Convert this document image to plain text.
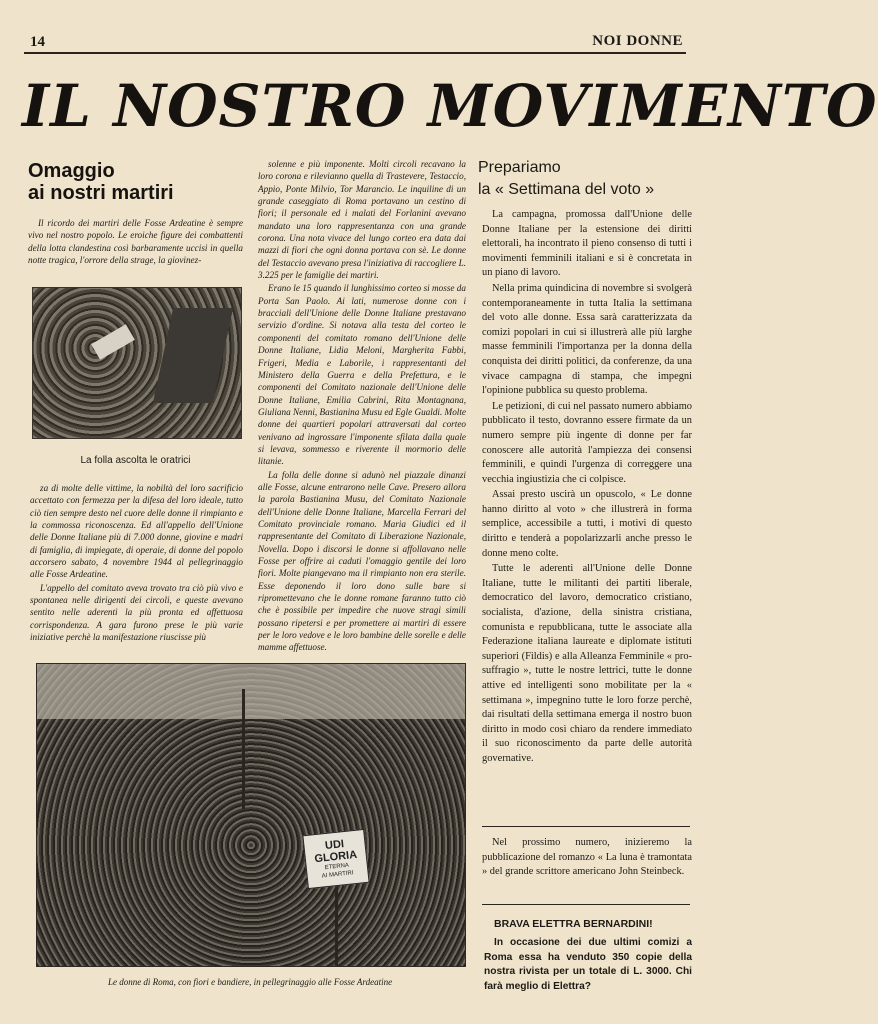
14	NOI DONNE
IL NOSTRO MOVIMENTO
Omaggio
ai nostri martiri
Il ricordo dei martiri delle Fosse Ardeatine è sempre vivo nel nostro popolo. Le eroiche figure dei combattenti della lotta clandestina così barbaramente uccisi in quella notte tragica, l'orrore della strage, la giovinez-
La folla ascolta le oratrici

za di molte delle vittime, la nobiltà del loro sacrificio accettato con fermezza per la difesa del loro ideale, tutto ciò tien sempre desto nel cuore delle donne il rimpianto e la commossa riconoscenza. Ed all'appello dell'Unione delle Donne Italiane più di 7.000 donne, giovine e madri di famiglia, di impiegate, di operaie, di donne del popolo accorsero sabato, 4 novembre 1944 al pellegrinaggio alle Fosse Ardeatine.

L'appello del comitato aveva trovato tra ciò più vivo e spontanea nelle dirigenti dei circoli, e queste avevano sentito nelle aderenti la più pronta ed affettuosa corrispondenza. A gara furono prese le più varie iniziative perchè la manifestazione riuscisse più

solenne e più imponente. Molti circoli recavano la loro corona e rilevianno quella di Trastevere, Testaccio, Appio, Ponte Milvio, Tor Marancio. Le inquiline di un grande caseggiato di Roma portavano un cestino di fiori; il personale ed i malati del Forlanini avevano mandato una loro rappresentanza con una grande corona. Una nota vivace del lungo corteo era data dai mazzi di fiori che ogni donna portava con sè. Le donne del Testaccio avevano presa l'iniziativa di raccogliere L. 3.225 per le famiglie dei martiri.

Erano le 15 quando il lunghissimo corteo si mosse da Porta San Paolo. Ai lati, numerose donne con i bracciali dell'Unione delle Donne Italiane prestavano servizio d'ordine. Si notava alla testa del corteo le componenti del comitato romano dell'Unione delle Donne Italiane, Lidia Meloni, Margherita Fabbi, Frigeri, Media e Laborile, i rappresentanti del Ministero della Guerra e della Prefettura, e le componenti del Comitato nazionale dell'Unione delle Donne Italiane, Emilia Cabrini, Rita Montagnana, Giuliana Nenni, Bastianina Musu ed Egle Gualdi. Molte donne dei quartieri popolari attraversati dal corteo venivano ad ingrossare l'imponente sfilata dalla quale si levava, sommesso e riverente il mormorio delle litanie.

La folla delle donne si adunò nel piazzale dinanzi alle Fosse, alcune entrarono nelle Cave. Presero allora la parola Bastianina Musu, del Comitato Nazionale dell'Unione delle Donne Italiane, Marcella Ferrari del Comitato provinciale romano. Maria Giudici ed il rappresentante del Comitato di Liberazione Nazionale, Novella. Dopo i discorsi le donne si affollavano nelle Fosse per offrire ai caduti l'omaggio gentile dei loro fiori. Molte piangevano ma il rimpianto non era sterile. Esse deponendo il loro dono sulle bare si ripromettevano che le donne romane faranno tutto ciò che è possibile per impedire che nuove stragi simili possano ripetersi e per promettere ai martiri di essere per le loro vedove e le loro bambine delle sorelle e delle mamme affettuose.

Prepariamo
la « Settimana del voto »

La campagna, promossa dall'Unione delle Donne Italiane per la estensione dei diritti elettorali, ha incontrato il pieno consenso di tutti i movimenti femminili italiani e si è concretata in un piano di lavoro.

Nella prima quindicina di novembre si svolgerà contemporaneamente in tutta Italia la settimana del voto alle donne. Essa sarà caratterizzata da comizi popolari in cui si illustrerà alle più larghe masse femminili l'importanza per la donna della conquista dei diritti politici, da conferenze, da una vivace campagna di stampa, che impegni l'opinione pubblica su questo problema.

Le petizioni, di cui nel passato numero abbiamo pubblicato il testo, dovranno essere firmate da un numero sempre più ingente di donne per far conoscere alle autorità l'ampiezza dei consensi femminili, e quindi l'urgenza di correggere una vecchia ingiustizia che ci colpisce.

Assai presto uscirà un opuscolo, « Le donne hanno diritto al voto » che illustrerà in forma semplice, accessibile a tutti, i motivi di questo diritto e tenderà a popolarizzarli anche presso le donne meno colte.

Tutte le aderenti all'Unione delle Donne Italiane, tutte le militanti dei partiti liberale, democratico del lavoro, democratico cristiano, socialista, d'azione, della sinistra cristiana, comunista e repubblicana, tutte le associate alla Federazione italiana laureate e diplomate istituti superiori (Fildis) e alla Alleanza Femminile « pro-suffragio », tutte le nostre lettrici, tutte le donne attive ed intelligenti sono mobilitate per la « settimana », impegnino tutte le loro forze perchè, dai risultati della settimana emerga il nostro buon diritto in modo così chiaro da rendere immediato il suo riconoscimento da parte delle autorità governative.

Nel prossimo numero, inizieremo la pubblicazione del romanzo « La luna è tramontata » del grande scrittore americano John Steinbeck.
BRAVA ELETTRA BERNARDINI!
In occasione dei due ultimi comizi a Roma essa ha venduto 350 copie della nostra rivista per un totale di L. 3000. Chi farà meglio di Elettra?
UDI
GLORIA
ETERNA
AI MARTIRI
Le donne di Roma, con fiori e bandiere, in pellegrinaggio alle Fosse Ardeatine
